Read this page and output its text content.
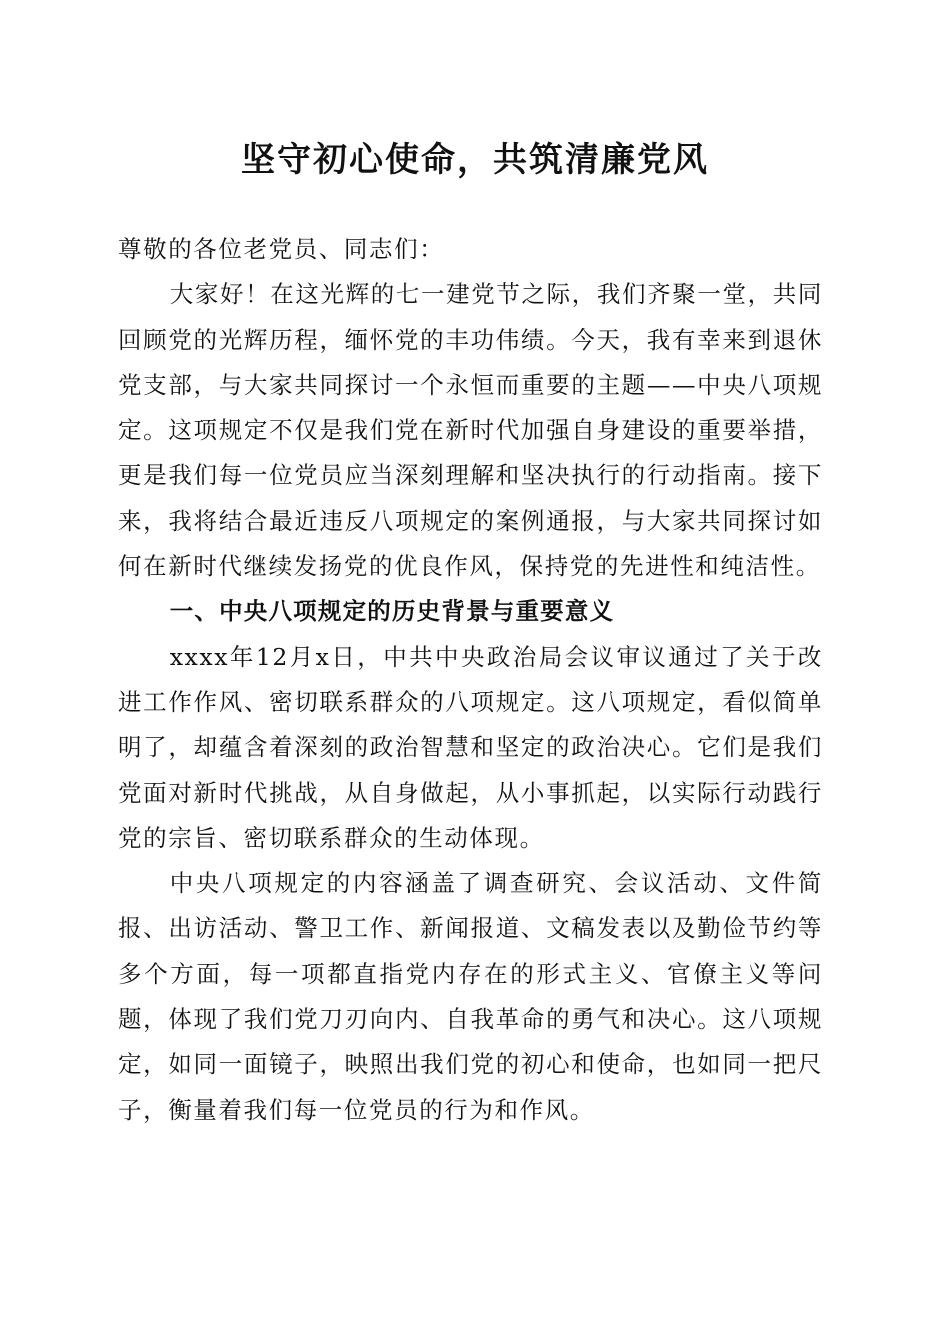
坚守初心使命，共筑清廉党风

尊敬的各位老党员、同志们：

大家好！在这光辉的七一建党节之际，我们齐聚一堂，共同回顾党的光辉历程，缅怀党的丰功伟绩。今天，我有幸来到退休党支部，与大家共同探讨一个永恒而重要的主题——中央八项规定。这项规定不仅是我们党在新时代加强自身建设的重要举措，更是我们每一位党员应当深刻理解和坚决执行的行动指南。接下来，我将结合最近违反八项规定的案例通报，与大家共同探讨如何在新时代继续发扬党的优良作风，保持党的先进性和纯洁性。

一、中央八项规定的历史背景与重要意义

xxxx年12月x日，中共中央政治局会议审议通过了关于改进工作作风、密切联系群众的八项规定。这八项规定，看似简单明了，却蕴含着深刻的政治智慧和坚定的政治决心。它们是我们党面对新时代挑战，从自身做起，从小事抓起，以实际行动践行党的宗旨、密切联系群众的生动体现。

中央八项规定的内容涵盖了调查研究、会议活动、文件简报、出访活动、警卫工作、新闻报道、文稿发表以及勤俭节约等多个方面，每一项都直指党内存在的形式主义、官僚主义等问题，体现了我们党刀刃向内、自我革命的勇气和决心。这八项规定，如同一面镜子，映照出我们党的初心和使命，也如同一把尺子，衡量着我们每一位党员的行为和作风。
